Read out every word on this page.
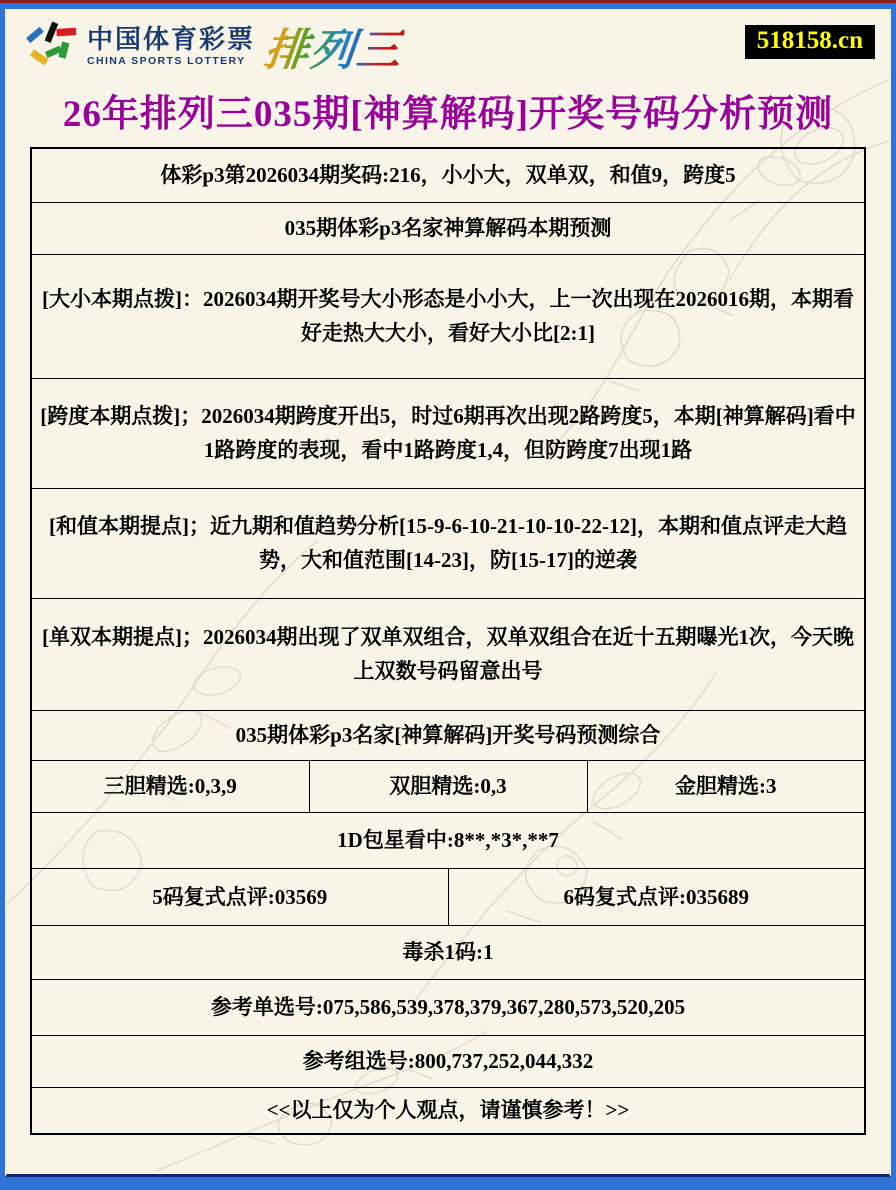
中国体育彩票
CHINA SPORTS LOTTERY 排列三	518158.cn
26年排列三035期[神算解码]开奖号码分析预测
体彩p3第2026034期奖码:216，小小大，双单双，和值9，跨度5			
035期体彩p3名家神算解码本期预测			
[大小本期点拨]：2026034期开奖号大小形态是小小大，上一次出现在2026016期，本期看好走热大大小，看好大小比[2:1]			
[跨度本期点拨]；2026034期跨度开出5，时过6期再次出现2路跨度5，本期[神算解码]看中1路跨度的表现，看中1路跨度1,4，但防跨度7出现1路			
[和值本期提点]；近九期和值趋势分析[15-9-6-10-21-10-10-22-12]，本期和值点评走大趋势，大和值范围[14-23]，防[15-17]的逆袭			
[单双本期提点]；2026034期出现了双单双组合，双单双组合在近十五期曝光1次，今天晚上双数号码留意出号			
035期体彩p3名家[神算解码]开奖号码预测综合			
三胆精选:0,3,9	双胆精选:0,3		金胆精选:3
1D包星看中:8**,*3*,**7			
5码复式点评:03569		6码复式点评:035689	
毒杀1码:1			
参考单选号:075,586,539,378,379,367,280,573,520,205			
参考组选号:800,737,252,044,332			
<<以上仅为个人观点，请谨慎参考！>>			
